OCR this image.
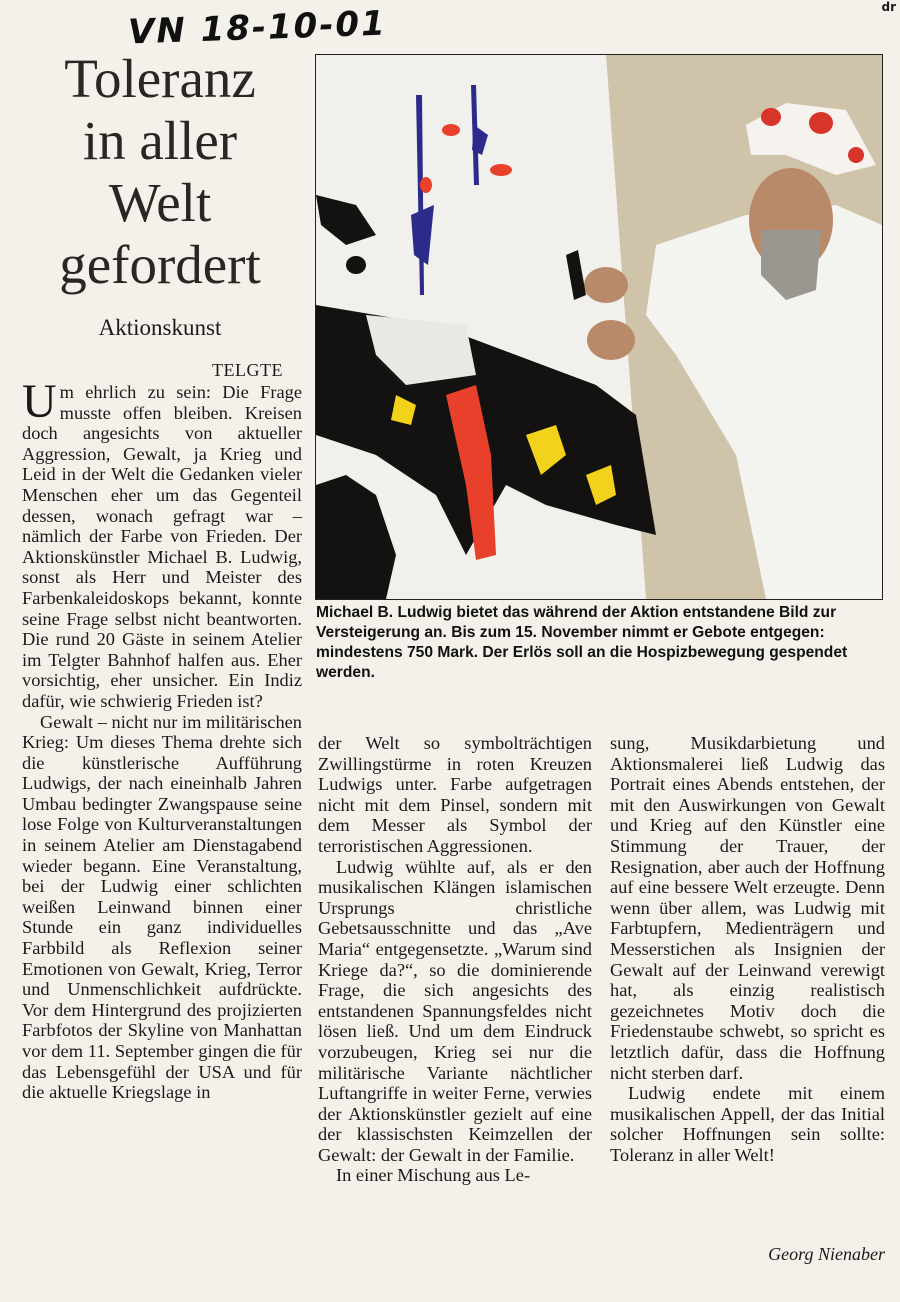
VN 18-10-01	dr
Toleranz
in aller
Welt
gefordert
Aktionskunst
TELGTE

Um ehrlich zu sein: Die Frage musste offen bleiben. Kreisen doch angesichts von aktueller Aggression, Gewalt, ja Krieg und Leid in der Welt die Gedanken vieler Menschen eher um das Gegenteil dessen, wonach gefragt war – nämlich der Farbe von Frieden. Der Aktionskünstler Michael B. Ludwig, sonst als Herr und Meister des Farbenkaleidoskops bekannt, konnte seine Frage selbst nicht beantworten. Die rund 20 Gäste in seinem Atelier im Telgter Bahnhof halfen aus. Eher vorsichtig, eher unsicher. Ein Indiz dafür, wie schwierig Frieden ist?

Gewalt – nicht nur im militärischen Krieg: Um dieses Thema drehte sich die künstlerische Aufführung Ludwigs, der nach eineinhalb Jahren Umbau bedingter Zwangspause seine lose Folge von Kulturveranstaltungen in seinem Atelier am Dienstagabend wieder begann. Eine Veranstaltung, bei der Ludwig einer schlichten weißen Leinwand binnen einer Stunde ein ganz individuelles Farbbild als Reflexion seiner Emotionen von Gewalt, Krieg, Terror und Unmenschlichkeit aufdrückte. Vor dem Hintergrund des projizierten Farbfotos der Skyline von Manhattan vor dem 11. September gingen die für das Lebensgefühl der USA und für die aktuelle Kriegslage in

Michael B. Ludwig bietet das während der Aktion entstandene Bild zur Versteigerung an. Bis zum 15. November nimmt er Gebote entgegen: mindestens 750 Mark. Der Erlös soll an die Hospizbewegung gespendet werden.

der Welt so symbolträchtigen Zwillingstürme in roten Kreuzen Ludwigs unter. Farbe aufgetragen nicht mit dem Pinsel, sondern mit dem Messer als Symbol der terroristischen Aggressionen.

Ludwig wühlte auf, als er den musikalischen Klängen islamischen Ursprungs christliche Gebetsausschnitte und das „Ave Maria“ entgegensetzte. „Warum sind Kriege da?“, so die dominierende Frage, die sich angesichts des entstandenen Spannungsfeldes nicht lösen ließ. Und um dem Eindruck vorzubeugen, Krieg sei nur die militärische Variante nächtlicher Luftangriffe in weiter Ferne, verwies der Aktionskünstler gezielt auf eine der klassischsten Keimzellen der Gewalt: der Gewalt in der Familie.

In einer Mischung aus Le-

sung, Musikdarbietung und Aktionsmalerei ließ Ludwig das Portrait eines Abends entstehen, der mit den Auswirkungen von Gewalt und Krieg auf den Künstler eine Stimmung der Trauer, der Resignation, aber auch der Hoffnung auf eine bessere Welt erzeugte. Denn wenn über allem, was Ludwig mit Farbtupfern, Medienträgern und Messerstichen als Insignien der Gewalt auf der Leinwand verewigt hat, als einzig realistisch gezeichnetes Motiv doch die Friedenstaube schwebt, so spricht es letztlich dafür, dass die Hoffnung nicht sterben darf.

Ludwig endete mit einem musikalischen Appell, der das Initial solcher Hoffnungen sein sollte: Toleranz in aller Welt!

Georg Nienaber
